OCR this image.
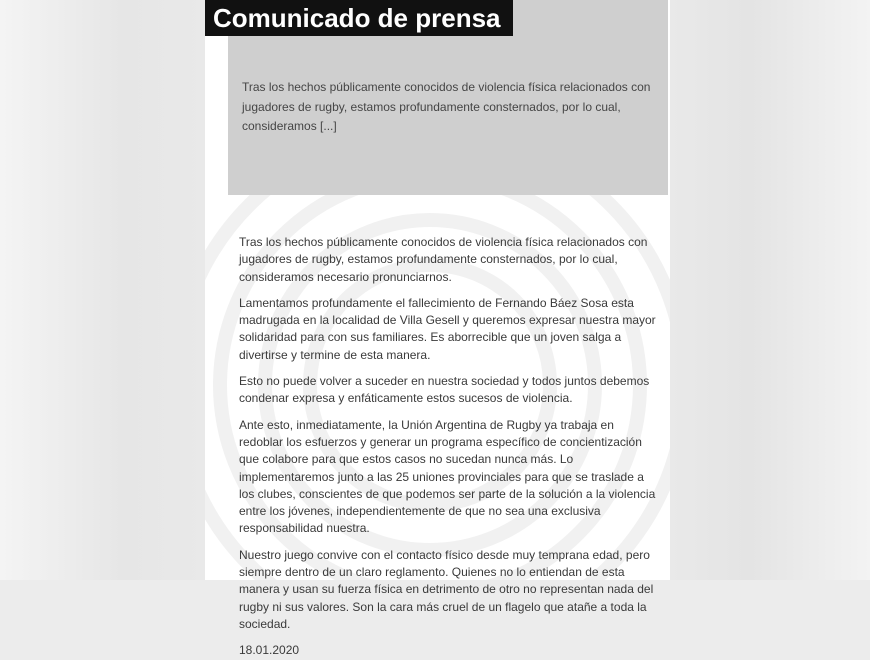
Tras los hechos públicamente conocidos de violencia física relacionados con jugadores de rugby, estamos profundamente consternados, por lo cual, consideramos [...]
Comunicado de prensa

Tras los hechos públicamente conocidos de violencia física relacionados con jugadores de rugby, estamos profundamente consternados, por lo cual, consideramos necesario pronunciarnos.

Lamentamos profundamente el fallecimiento de Fernando Báez Sosa esta madrugada en la localidad de Villa Gesell y queremos expresar nuestra mayor solidaridad para con sus familiares. Es aborrecible que un joven salga a divertirse y termine de esta manera.

Esto no puede volver a suceder en nuestra sociedad y todos juntos debemos condenar expresa y enfáticamente estos sucesos de violencia.

Ante esto, inmediatamente, la Unión Argentina de Rugby ya trabaja en redoblar los esfuerzos y generar un programa específico de concientización que colabore para que estos casos no sucedan nunca más. Lo implementaremos junto a las 25 uniones provinciales para que se traslade a los clubes, conscientes de que podemos ser parte de la solución a la violencia entre los jóvenes, independientemente de que no sea una exclusiva responsabilidad nuestra.

Nuestro juego convive con el contacto físico desde muy temprana edad, pero siempre dentro de un claro reglamento. Quienes no lo entiendan de esta manera y usan su fuerza física en detrimento de otro no representan nada del rugby ni sus valores. Son la cara más cruel de un flagelo que atañe a toda la sociedad.

18.01.2020
